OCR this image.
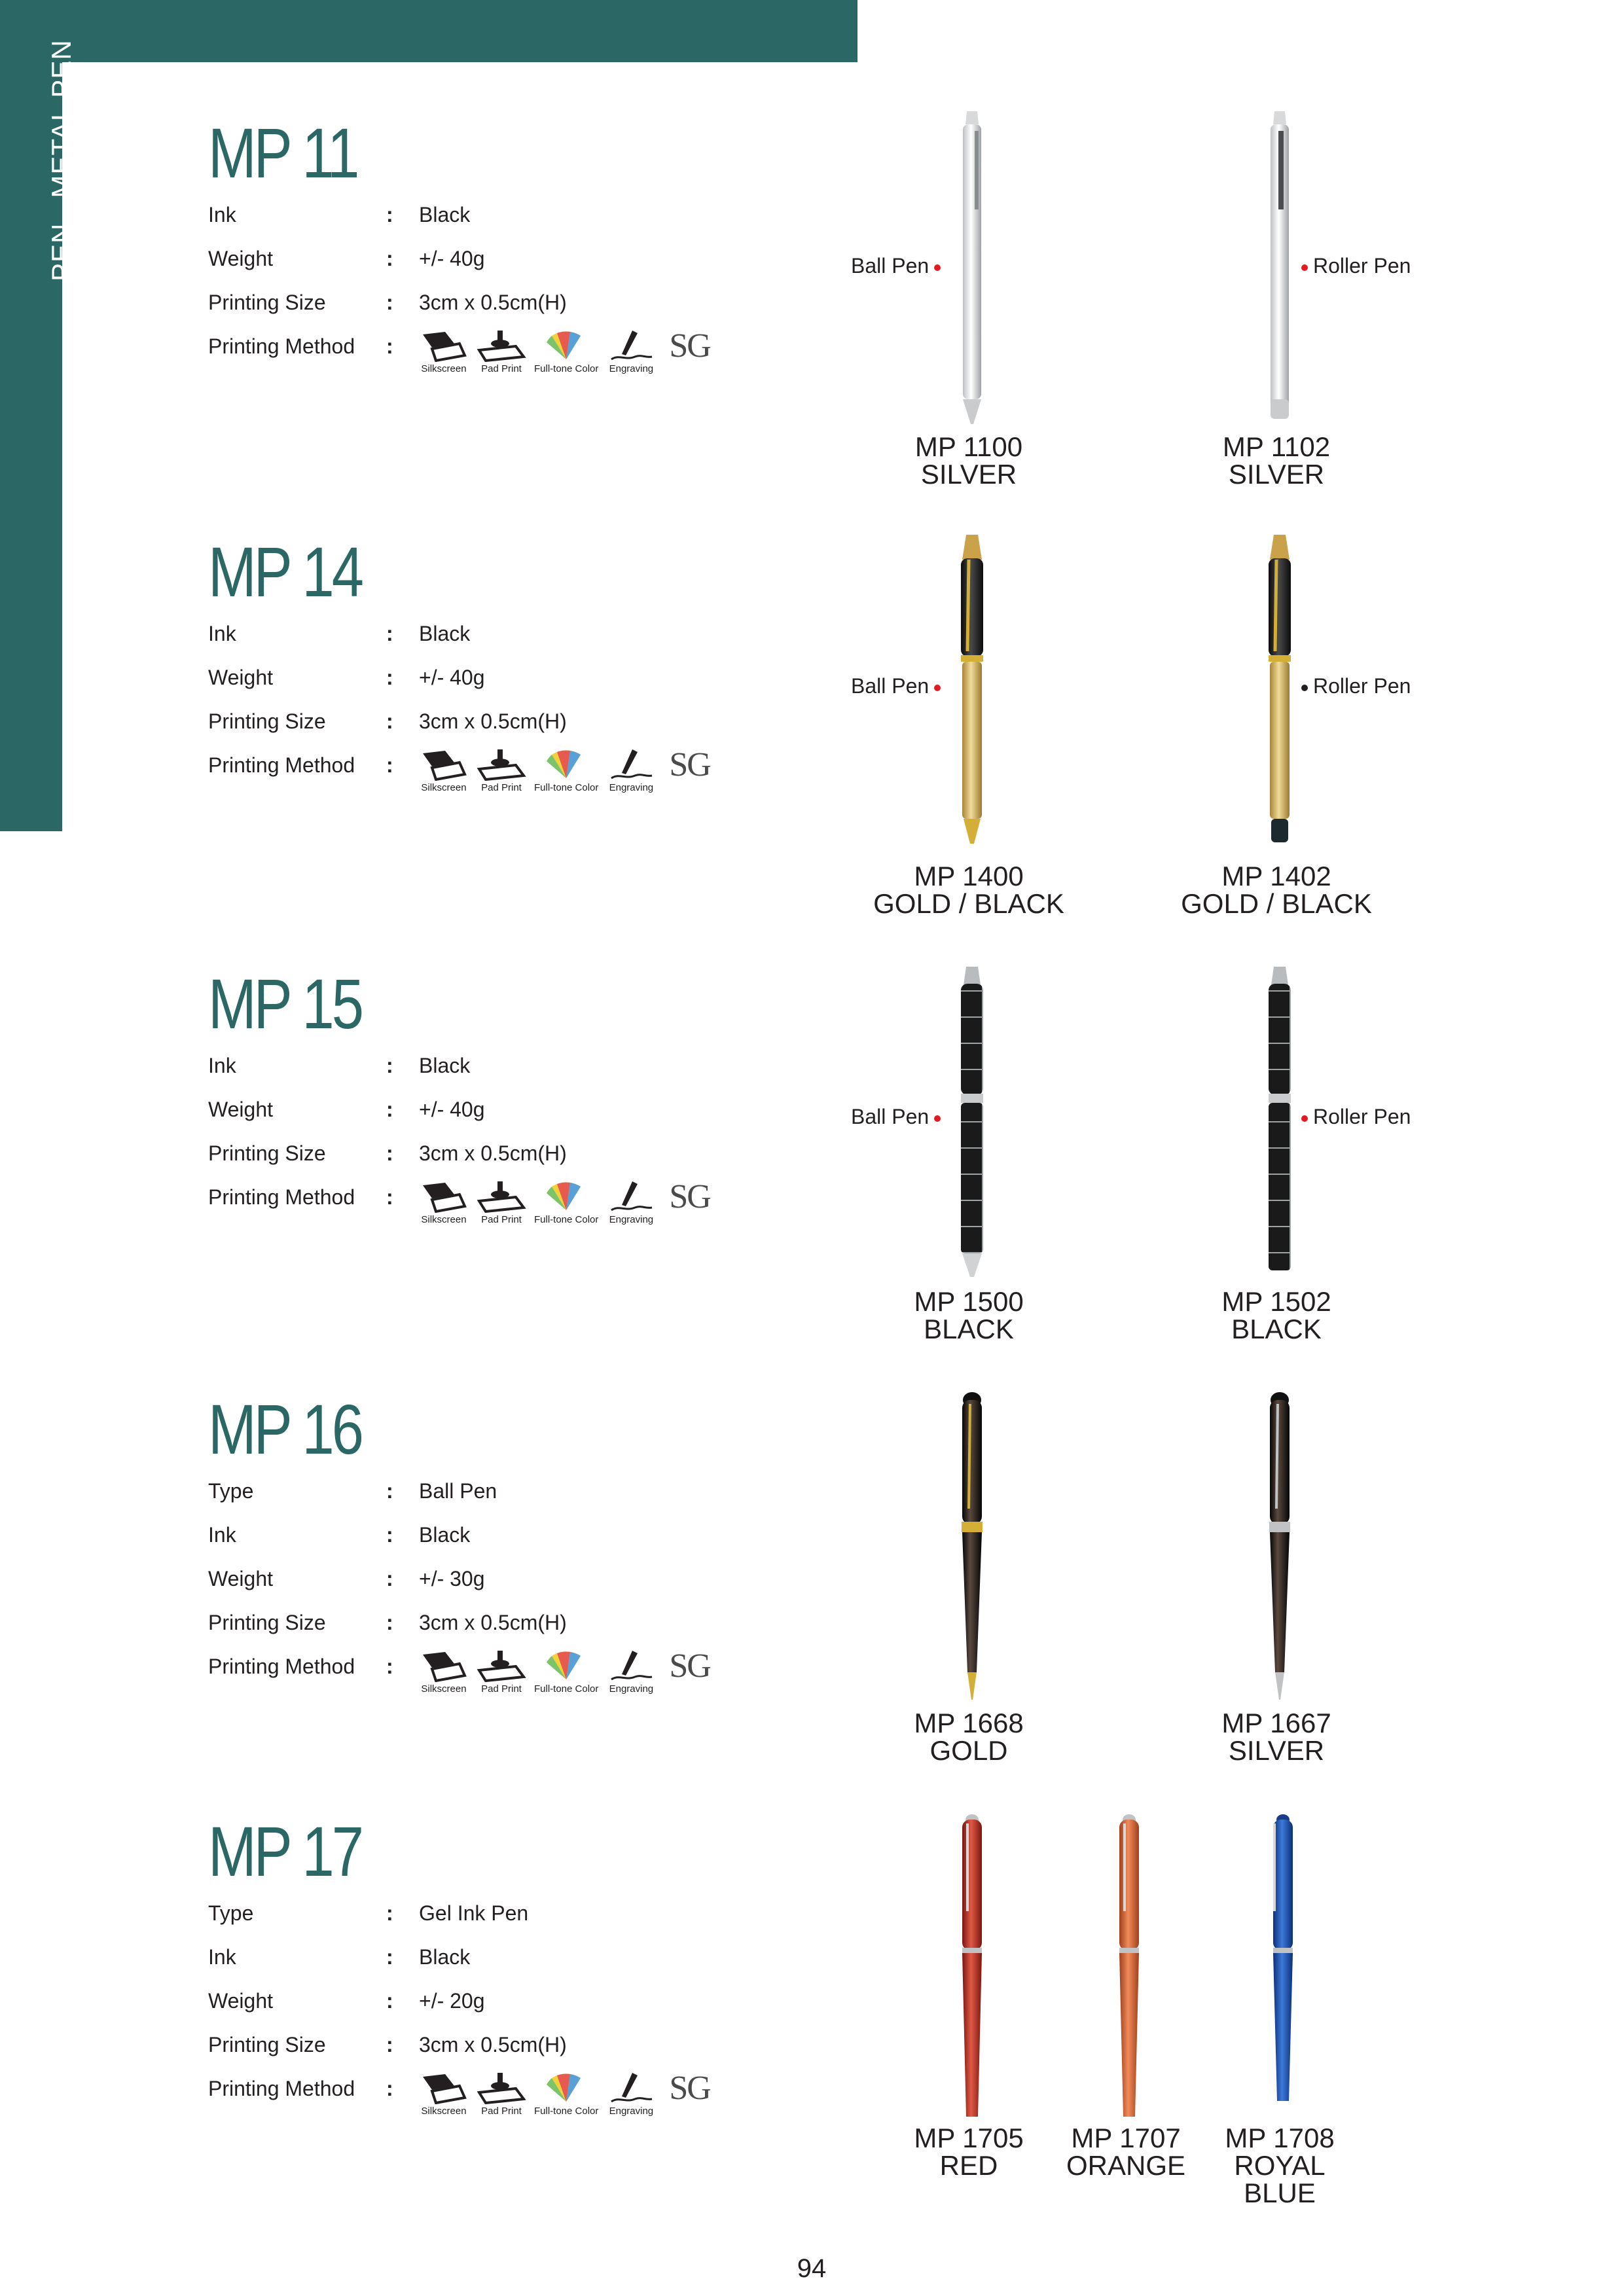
PEN . METAL PEN MP 11
Ink	: Black
Weight	: +/- 40g
Printing Size	: 3cm x 0.5cm(H)
Printing Method :
Silkscreen Pad Print Full-tone Color Engraving
SG
Ball Pen	Roller Pen
MP 1100
SILVER
MP 1102
SILVER
MP 14
Ink	: Black
Weight	: +/- 40g
Printing Size	: 3cm x 0.5cm(H)
Printing Method :
Silkscreen Pad Print Full-tone Color Engraving
SG
Ball Pen	Roller Pen
MP 1400
GOLD / BLACK
MP 1402
GOLD / BLACK
MP 15
Ink	: Black
Weight	: +/- 40g
Printing Size	: 3cm x 0.5cm(H)
Printing Method :
Silkscreen Pad Print Full-tone Color Engraving
SG
Ball Pen	Roller Pen
MP 1500
BLACK
MP 1502
BLACK
MP 16
Type	: Ball Pen
Ink	: Black
Weight	: +/- 30g
Printing Size	: 3cm x 0.5cm(H)
Printing Method :
Silkscreen Pad Print Full-tone Color Engraving
SG
MP 1668
GOLD
MP 1667
SILVER
MP 17
Type	: Gel Ink Pen
Ink	: Black
Weight	: +/- 20g
Printing Size	: 3cm x 0.5cm(H)
Printing Method :
Silkscreen Pad Print Full-tone Color Engraving
SG
MP 1705
RED
MP 1707
ORANGE
MP 1708
ROYAL
BLUE
94
